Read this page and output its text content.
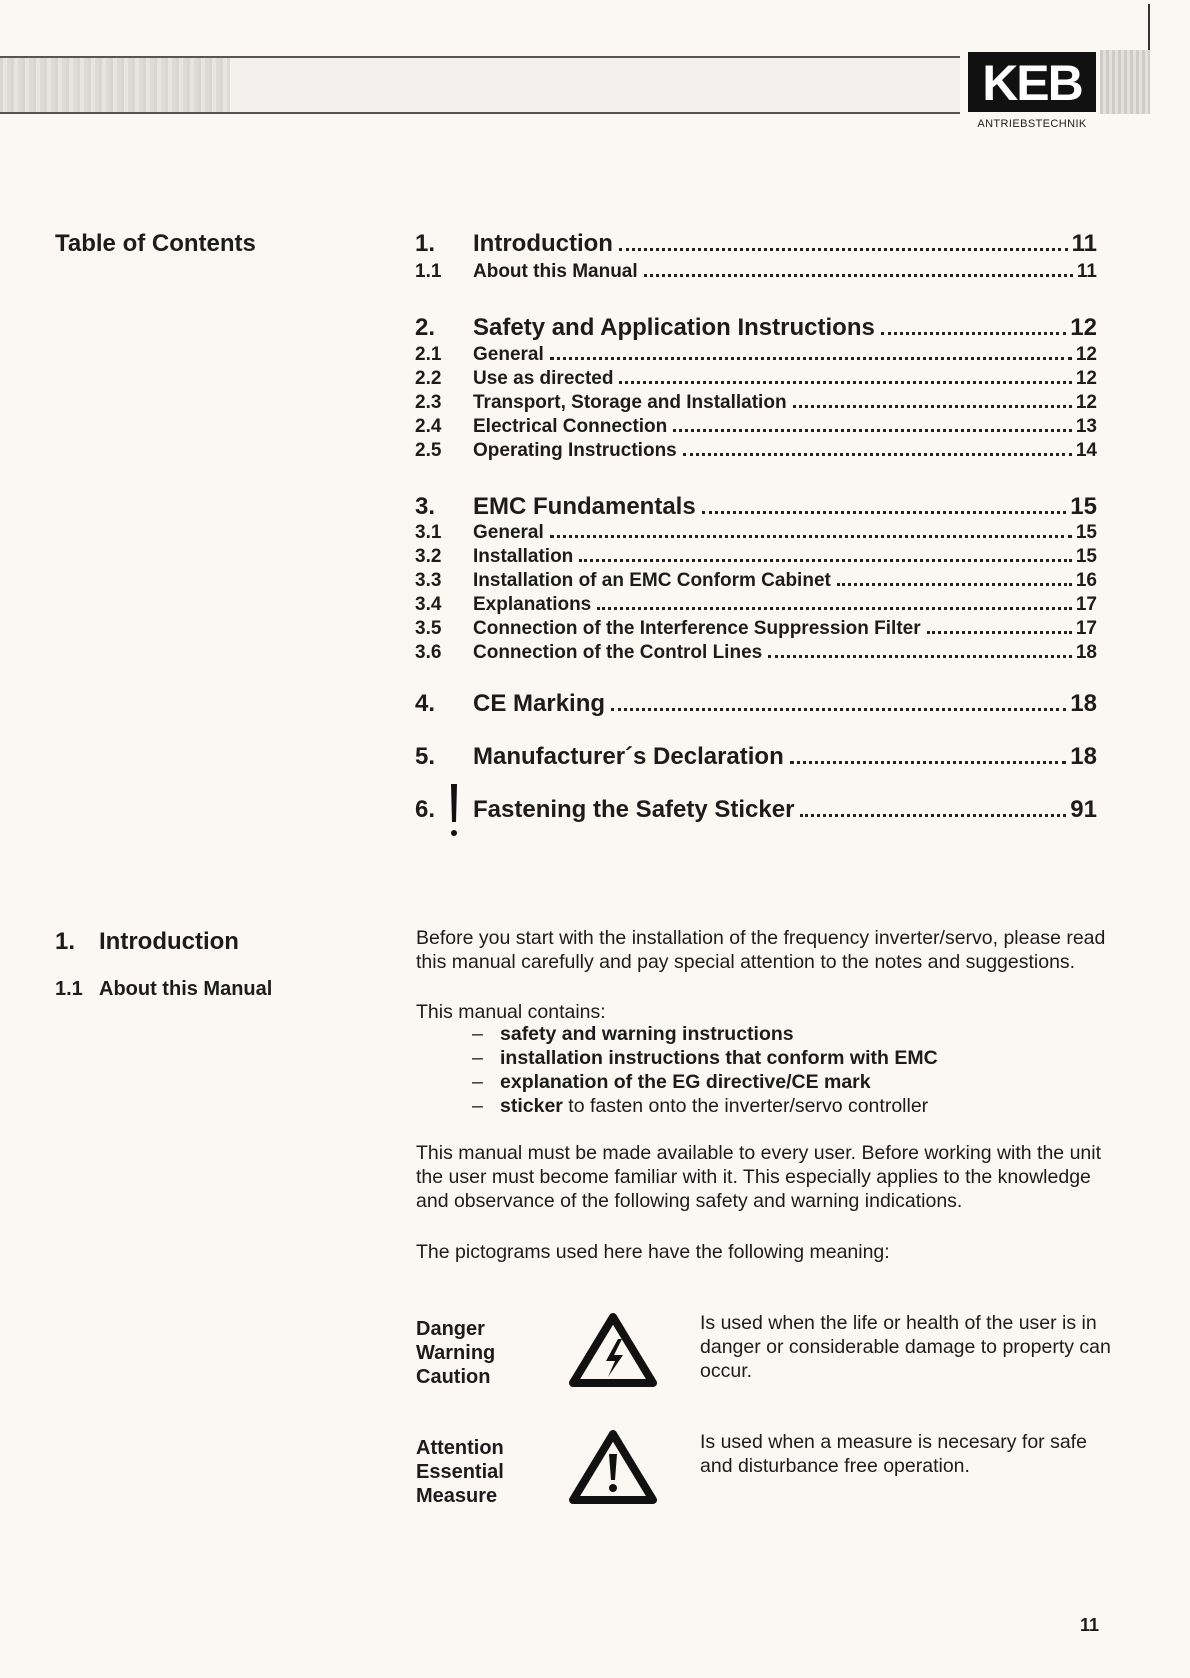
KEB
ANTRIEBSTECHNIK
Table of Contents	1.	Introduction	11
1.1	About this Manual	11
2.	Safety and Application Instructions	12
2.1	General	12
2.2	Use as directed	12
2.3	Transport, Storage and Installation	12
2.4	Electrical Connection	13
2.5	Operating Instructions	14
3.	EMC Fundamentals	15
3.1	General	15
3.2	Installation	15
3.3	Installation of an EMC Conform Cabinet	16
3.4	Explanations	17
3.5	Connection of the Interference Suppression Filter	17
3.6	Connection of the Control Lines	18
4.	CE Marking	18
5.	Manufacturer´s Declaration	18
6.	Fastening the Safety Sticker	91
1. Introduction
1.1 About this Manual
Before you start with the installation of the frequency inverter/servo, please read this manual carefully and pay special attention to the notes and suggestions.
This manual contains:
– safety and warning instructions
– installation instructions that conform with EMC
– explanation of the EG directive/CE mark
– sticker to fasten onto the inverter/servo controller
This manual must be made available to every user. Before working with the unit the user must become familiar with it. This especially applies to the knowledge and observance of the following safety and warning indications.
The pictograms used here have the following meaning:
Danger
Warning
Caution
Is used when the life or health of the user is in danger or considerable damage to property can occur.
Attention
Essential
Measure
Is used when a measure is necesary for safe and disturbance free operation.
11
